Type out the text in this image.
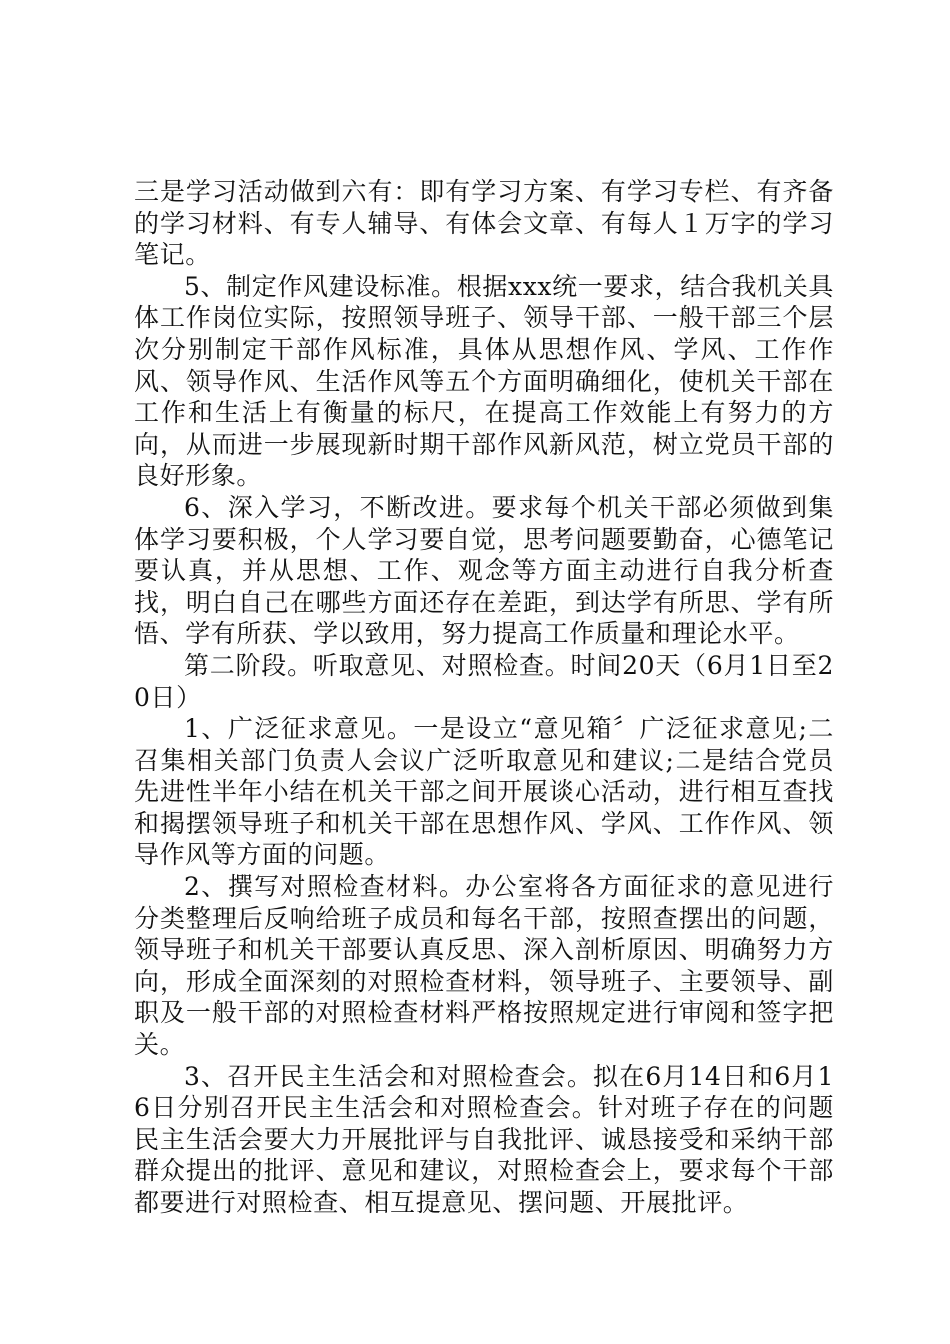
三是学习活动做到六有：即有学习方案、有学习专栏、有齐备的学习材料、有专人辅导、有体会文章、有每人１万字的学习笔记。

5、制定作风建设标准。根据xxx统一要求，结合我机关具体工作岗位实际，按照领导班子、领导干部、一般干部三个层次分别制定干部作风标准，具体从思想作风、学风、工作作风、领导作风、生活作风等五个方面明确细化，使机关干部在工作和生活上有衡量的标尺，在提高工作效能上有努力的方向，从而进一步展现新时期干部作风新风范，树立党员干部的良好形象。

6、深入学习，不断改进。要求每个机关干部必须做到集体学习要积极，个人学习要自觉，思考问题要勤奋，心德笔记要认真，并从思想、工作、观念等方面主动进行自我分析查找，明白自己在哪些方面还存在差距，到达学有所思、学有所悟、学有所获、学以致用，努力提高工作质量和理论水平。

第二阶段。听取意见、对照检查。时间20天（6月1日至20日）

1、广泛征求意见。一是设立“意见箱〞广泛征求意见;二召集相关部门负责人会议广泛听取意见和建议;二是结合党员先进性半年小结在机关干部之间开展谈心活动，进行相互查找和揭摆领导班子和机关干部在思想作风、学风、工作作风、领导作风等方面的问题。

2、撰写对照检查材料。办公室将各方面征求的意见进行分类整理后反响给班子成员和每名干部，按照查摆出的问题，领导班子和机关干部要认真反思、深入剖析原因、明确努力方向，形成全面深刻的对照检查材料，领导班子、主要领导、副职及一般干部的对照检查材料严格按照规定进行审阅和签字把关。

3、召开民主生活会和对照检查会。拟在6月14日和6月16日分别召开民主生活会和对照检查会。针对班子存在的问题民主生活会要大力开展批评与自我批评、诚恳接受和采纳干部群众提出的批评、意见和建议，对照检查会上，要求每个干部都要进行对照检查、相互提意见、摆问题、开展批评。
